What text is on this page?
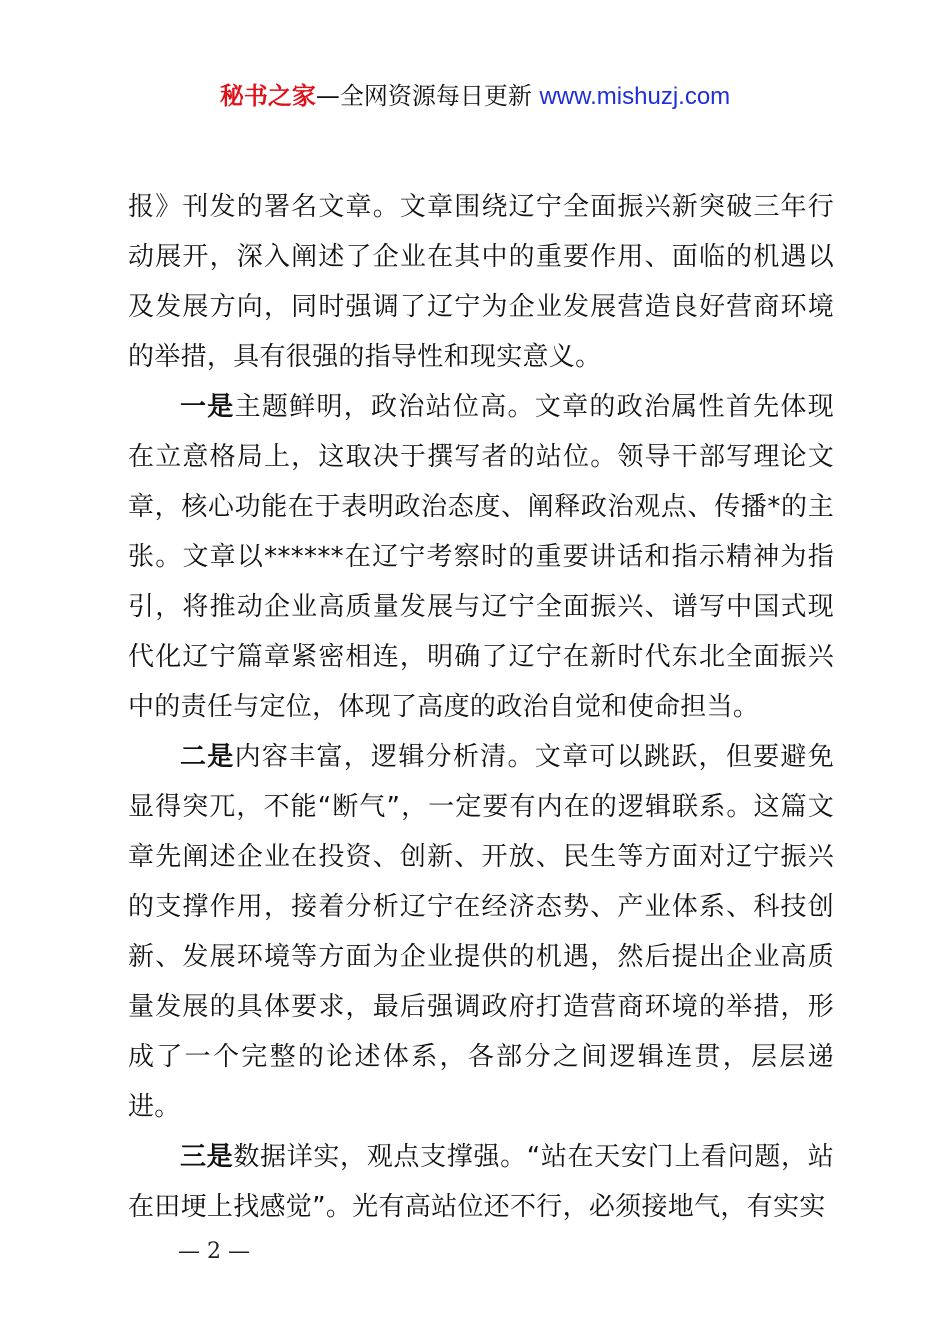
秘书之家—全网资源每日更新 www.mishuzj.com

报》刊发的署名文章。文章围绕辽宁全面振兴新突破三年行动展开，深入阐述了企业在其中的重要作用、面临的机遇以及发展方向，同时强调了辽宁为企业发展营造良好营商环境的举措，具有很强的指导性和现实意义。

一是主题鲜明，政治站位高。文章的政治属性首先体现在立意格局上，这取决于撰写者的站位。领导干部写理论文章，核心功能在于表明政治态度、阐释政治观点、传播*的主张。文章以******在辽宁考察时的重要讲话和指示精神为指引，将推动企业高质量发展与辽宁全面振兴、谱写中国式现代化辽宁篇章紧密相连，明确了辽宁在新时代东北全面振兴中的责任与定位，体现了高度的政治自觉和使命担当。

二是内容丰富，逻辑分析清。文章可以跳跃，但要避免显得突兀，不能“断气”，一定要有内在的逻辑联系。这篇文章先阐述企业在投资、创新、开放、民生等方面对辽宁振兴的支撑作用，接着分析辽宁在经济态势、产业体系、科技创新、发展环境等方面为企业提供的机遇，然后提出企业高质量发展的具体要求，最后强调政府打造营商环境的举措，形成了一个完整的论述体系，各部分之间逻辑连贯，层层递进。

三是数据详实，观点支撑强。“站在天安门上看问题，站在田埂上找感觉”。光有高站位还不行，必须接地气，有实实

— 2 —
